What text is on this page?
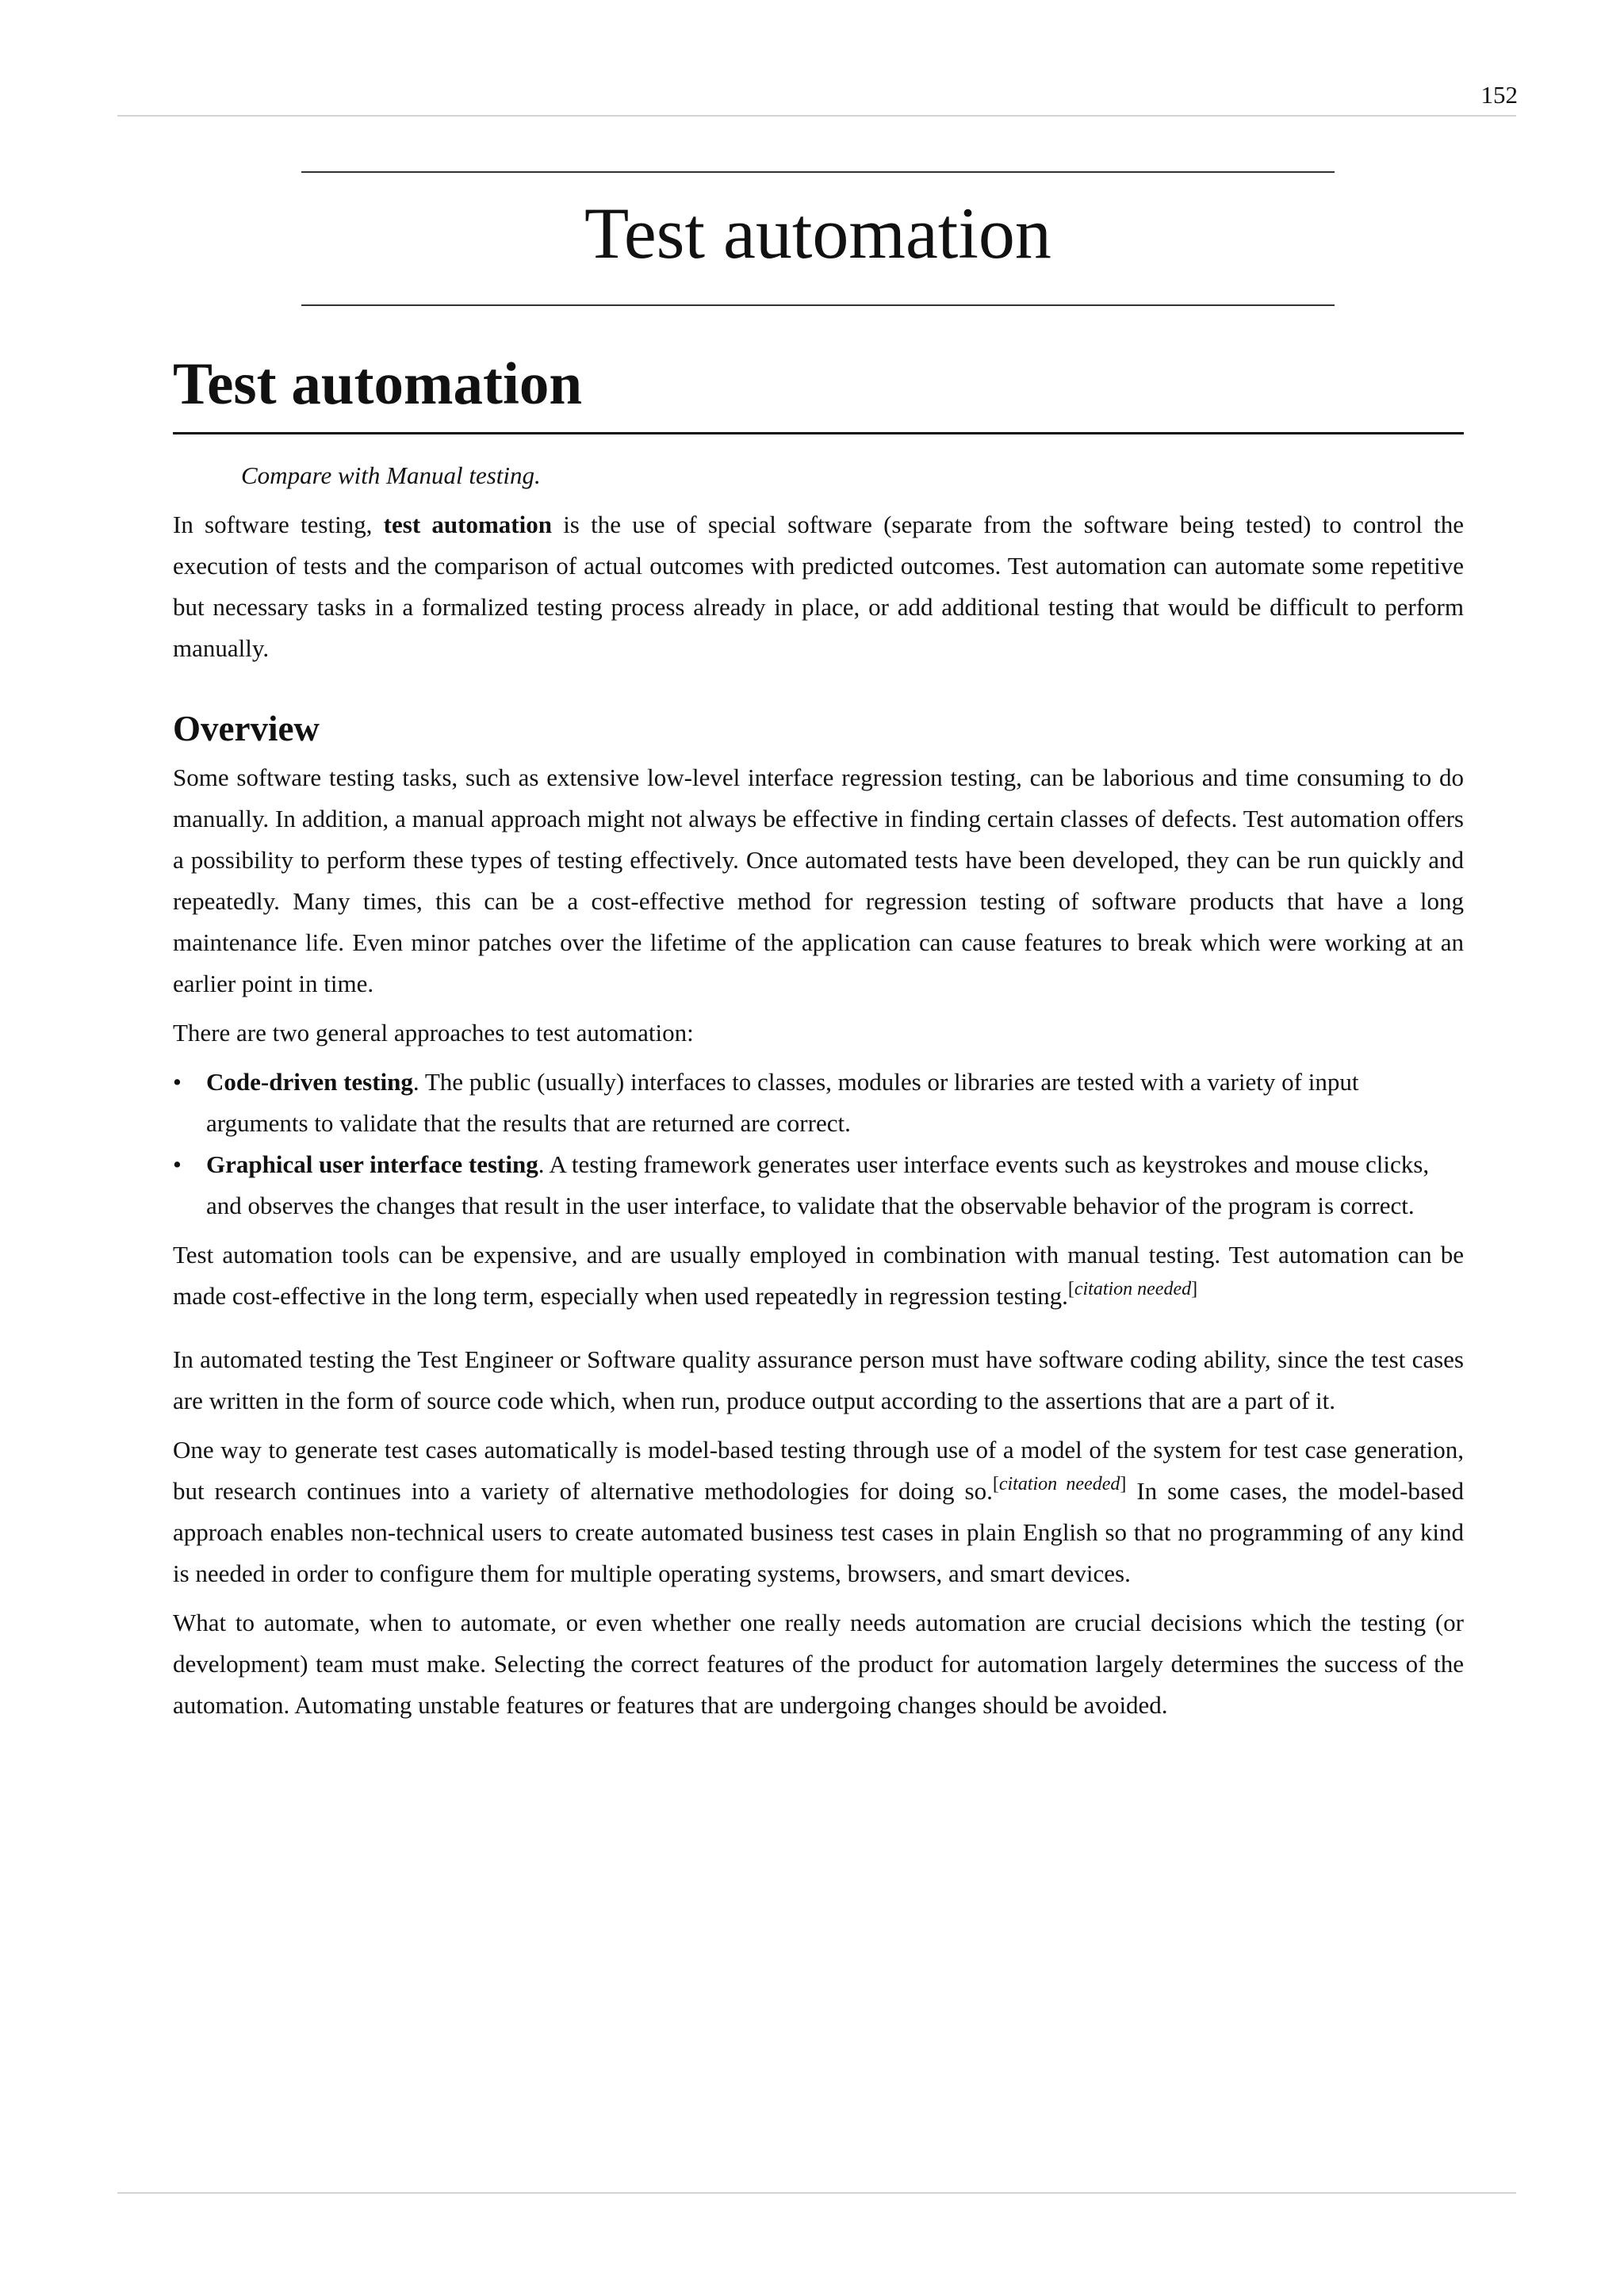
152
Test automation
Test automation
Compare with Manual testing.

In software testing, test automation is the use of special software (separate from the software being tested) to control the execution of tests and the comparison of actual outcomes with predicted outcomes. Test automation can automate some repetitive but necessary tasks in a formalized testing process already in place, or add additional testing that would be difficult to perform manually.

Overview

Some software testing tasks, such as extensive low-level interface regression testing, can be laborious and time consuming to do manually. In addition, a manual approach might not always be effective in finding certain classes of defects. Test automation offers a possibility to perform these types of testing effectively. Once automated tests have been developed, they can be run quickly and repeatedly. Many times, this can be a cost-effective method for regression testing of software products that have a long maintenance life. Even minor patches over the lifetime of the application can cause features to break which were working at an earlier point in time.

There are two general approaches to test automation:

• Code-driven testing. The public (usually) interfaces to classes, modules or libraries are tested with a variety of input arguments to validate that the results that are returned are correct.
• Graphical user interface testing. A testing framework generates user interface events such as keystrokes and mouse clicks, and observes the changes that result in the user interface, to validate that the observable behavior of the program is correct.

Test automation tools can be expensive, and are usually employed in combination with manual testing. Test automation can be made cost-effective in the long term, especially when used repeatedly in regression testing.[citation needed]

In automated testing the Test Engineer or Software quality assurance person must have software coding ability, since the test cases are written in the form of source code which, when run, produce output according to the assertions that are a part of it.

One way to generate test cases automatically is model-based testing through use of a model of the system for test case generation, but research continues into a variety of alternative methodologies for doing so.[citation needed] In some cases, the model-based approach enables non-technical users to create automated business test cases in plain English so that no programming of any kind is needed in order to configure them for multiple operating systems, browsers, and smart devices.

What to automate, when to automate, or even whether one really needs automation are crucial decisions which the testing (or development) team must make. Selecting the correct features of the product for automation largely determines the success of the automation. Automating unstable features or features that are undergoing changes should be avoided.
